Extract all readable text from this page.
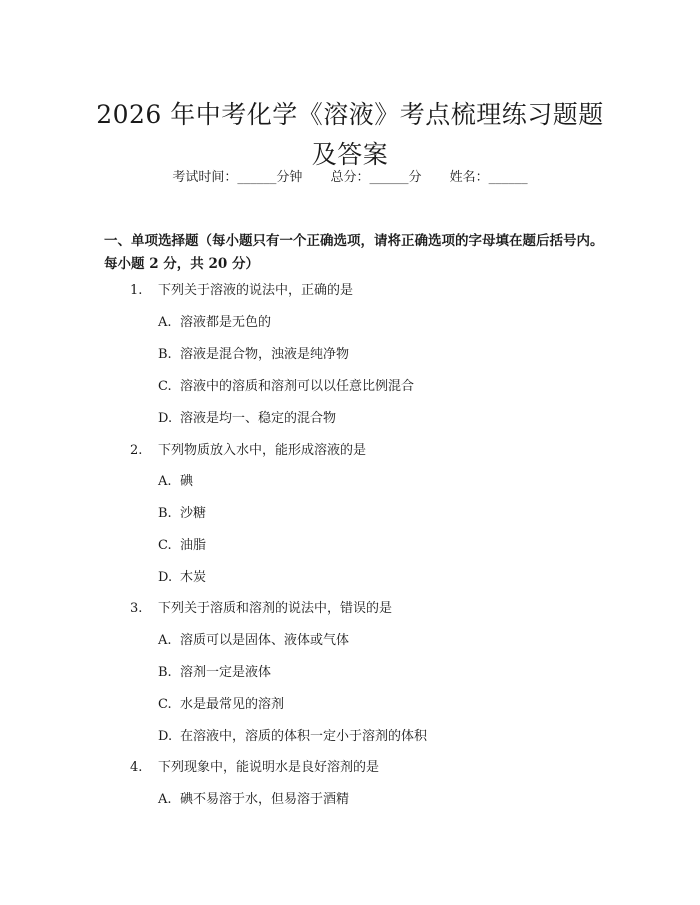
2026 年中考化学《溶液》考点梳理练习题题
及答案
考试时间：______分钟 总分：______分 姓名：______
一、单项选择题（每小题只有一个正确选项，请将正确选项的字母填在题后括号内。每小题 2 分，共 20 分）
1. 下列关于溶液的说法中，正确的是
A. 溶液都是无色的
B. 溶液是混合物，浊液是纯净物
C. 溶液中的溶质和溶剂可以以任意比例混合
D. 溶液是均一、稳定的混合物
2. 下列物质放入水中，能形成溶液的是
A. 碘
B. 沙糖
C. 油脂
D. 木炭
3. 下列关于溶质和溶剂的说法中，错误的是
A. 溶质可以是固体、液体或气体
B. 溶剂一定是液体
C. 水是最常见的溶剂
D. 在溶液中，溶质的体积一定小于溶剂的体积
4. 下列现象中，能说明水是良好溶剂的是
A. 碘不易溶于水，但易溶于酒精
